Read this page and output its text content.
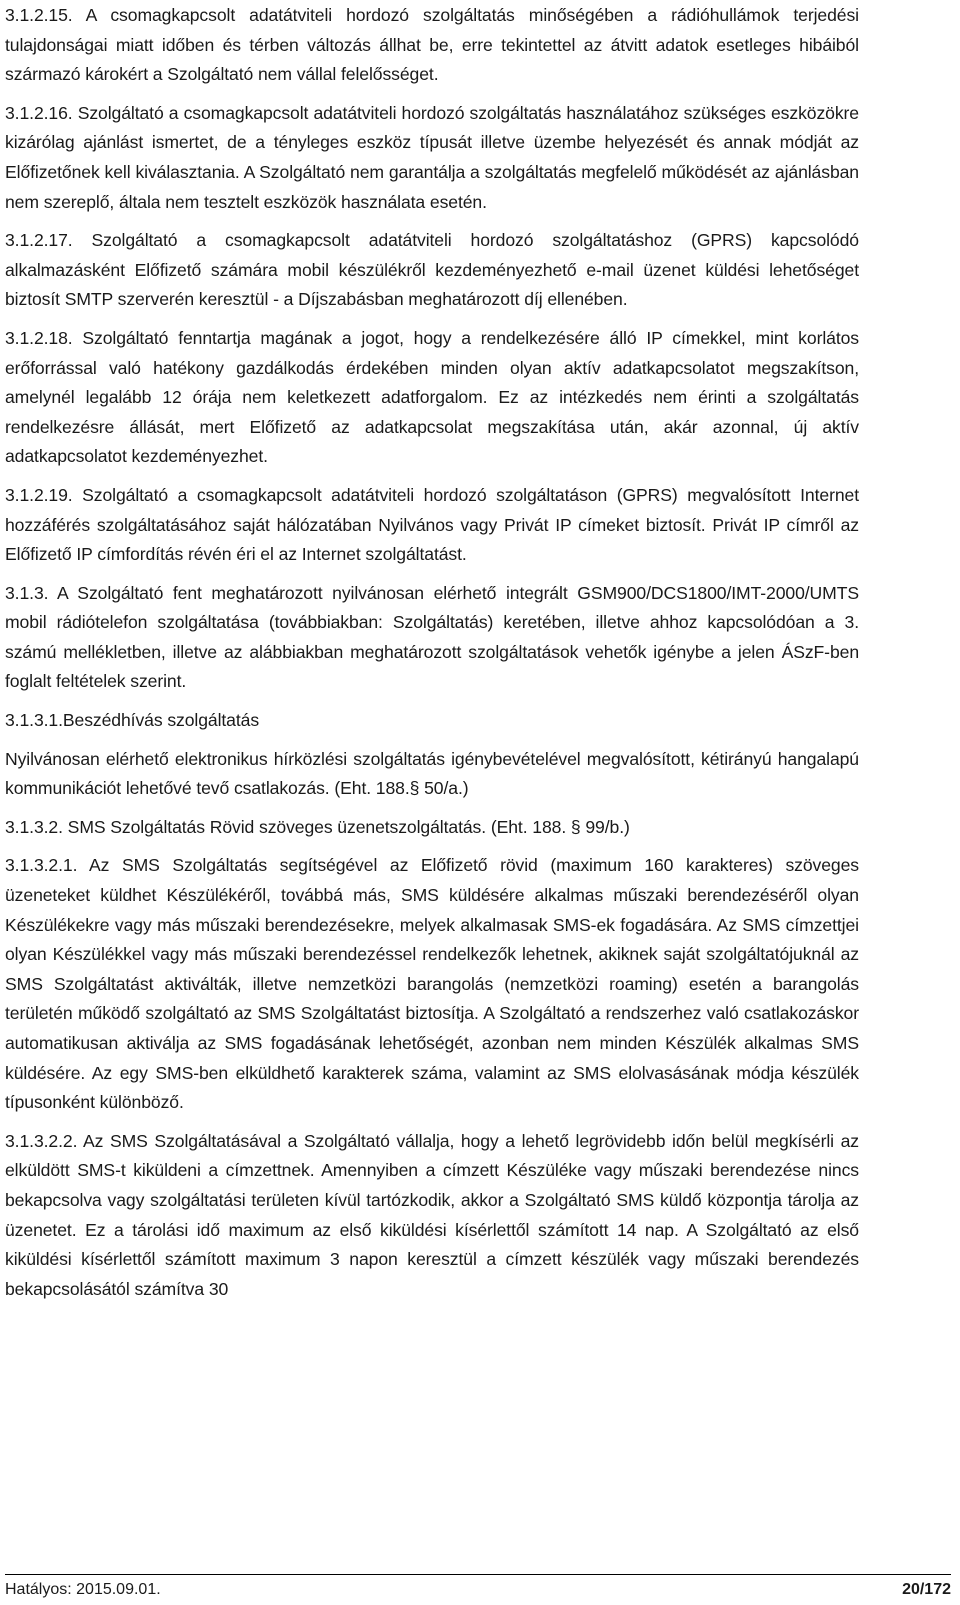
3.1.2.15. A csomagkapcsolt adatátviteli hordozó szolgáltatás minőségében a rádióhullámok terjedési tulajdonságai miatt időben és térben változás állhat be, erre tekintettel az átvitt adatok esetleges hibáiból származó károkért a Szolgáltató nem vállal felelősséget.

3.1.2.16. Szolgáltató a csomagkapcsolt adatátviteli hordozó szolgáltatás használatához szükséges eszközökre kizárólag ajánlást ismertet, de a tényleges eszköz típusát illetve üzembe helyezését és annak módját az Előfizetőnek kell kiválasztania. A Szolgáltató nem garantálja a szolgáltatás megfelelő működését az ajánlásban nem szereplő, általa nem tesztelt eszközök használata esetén.

3.1.2.17. Szolgáltató a csomagkapcsolt adatátviteli hordozó szolgáltatáshoz (GPRS) kapcsolódó alkalmazásként Előfizető számára mobil készülékről kezdeményezhető e-mail üzenet küldési lehetőséget biztosít SMTP szerverén keresztül - a Díjszabásban meghatározott díj ellenében.

3.1.2.18. Szolgáltató fenntartja magának a jogot, hogy a rendelkezésére álló IP címekkel, mint korlátos erőforrással való hatékony gazdálkodás érdekében minden olyan aktív adatkapcsolatot megszakítson, amelynél legalább 12 órája nem keletkezett adatforgalom. Ez az intézkedés nem érinti a szolgáltatás rendelkezésre állását, mert Előfizető az adatkapcsolat megszakítása után, akár azonnal, új aktív adatkapcsolatot kezdeményezhet.

3.1.2.19. Szolgáltató a csomagkapcsolt adatátviteli hordozó szolgáltatáson (GPRS) megvalósított Internet hozzáférés szolgáltatásához saját hálózatában Nyilvános vagy Privát IP címeket biztosít. Privát IP címről az Előfizető IP címfordítás révén éri el az Internet szolgáltatást.

3.1.3. A Szolgáltató fent meghatározott nyilvánosan elérhető integrált GSM900/DCS1800/IMT-2000/UMTS mobil rádiótelefon szolgáltatása (továbbiakban: Szolgáltatás) keretében, illetve ahhoz kapcsolódóan a 3. számú mellékletben, illetve az alábbiakban meghatározott szolgáltatások vehetők igénybe a jelen ÁSzF-ben foglalt feltételek szerint.

3.1.3.1.Beszédhívás szolgáltatás

Nyilvánosan elérhető elektronikus hírközlési szolgáltatás igénybevételével megvalósított, kétirányú hangalapú kommunikációt lehetővé tevő csatlakozás. (Eht. 188.§ 50/a.)

3.1.3.2. SMS Szolgáltatás Rövid szöveges üzenetszolgáltatás. (Eht. 188. § 99/b.)

3.1.3.2.1. Az SMS Szolgáltatás segítségével az Előfizető rövid (maximum 160 karakteres) szöveges üzeneteket küldhet Készülékéről, továbbá más, SMS küldésére alkalmas műszaki berendezéséről olyan Készülékekre vagy más műszaki berendezésekre, melyek alkalmasak SMS-ek fogadására. Az SMS címzettjei olyan Készülékkel vagy más műszaki berendezéssel rendelkezők lehetnek, akiknek saját szolgáltatójuknál az SMS Szolgáltatást aktiválták, illetve nemzetközi barangolás (nemzetközi roaming) esetén a barangolás területén működő szolgáltató az SMS Szolgáltatást biztosítja. A Szolgáltató a rendszerhez való csatlakozáskor automatikusan aktiválja az SMS fogadásának lehetőségét, azonban nem minden Készülék alkalmas SMS küldésére. Az egy SMS-ben elküldhető karakterek száma, valamint az SMS elolvasásának módja készülék típusonként különböző.

3.1.3.2.2. Az SMS Szolgáltatásával a Szolgáltató vállalja, hogy a lehető legrövidebb időn belül megkísérli az elküldött SMS-t kiküldeni a címzettnek. Amennyiben a címzett Készüléke vagy műszaki berendezése nincs bekapcsolva vagy szolgáltatási területen kívül tartózkodik, akkor a Szolgáltató SMS küldő központja tárolja az üzenetet. Ez a tárolási idő maximum az első kiküldési kísérlettől számított 14 nap. A Szolgáltató az első kiküldési kísérlettől számított maximum 3 napon keresztül a címzett készülék vagy műszaki berendezés bekapcsolásától számítva 30

Hatályos: 2015.09.01.	20/172
